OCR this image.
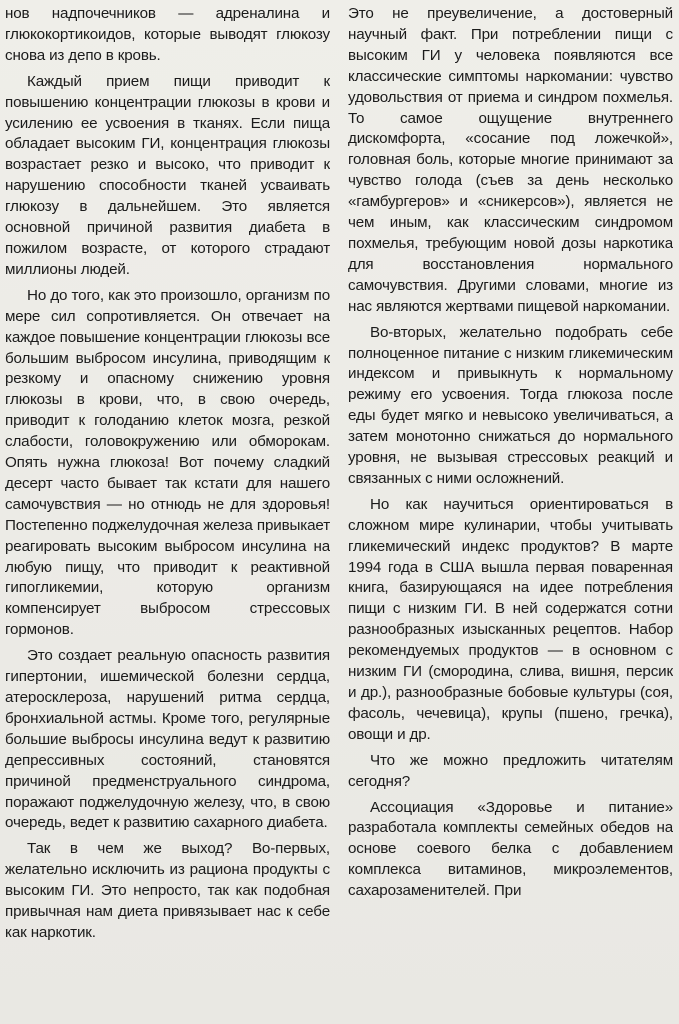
нов надпочечников — адреналина и глюкокортикоидов, которые выводят глюкозу снова из депо в кровь.

Каждый прием пищи приводит к повышению концентрации глюкозы в крови и усилению ее усвоения в тканях. Если пища обладает высоким ГИ, концентрация глюкозы возрастает резко и высоко, что приводит к нарушению способности тканей усваивать глюкозу в дальнейшем. Это является основной причиной развития диабета в пожилом возрасте, от которого страдают миллионы людей.

Но до того, как это произошло, организм по мере сил сопротивляется. Он отвечает на каждое повышение концентрации глюкозы все большим выбросом инсулина, приводящим к резкому и опасному снижению уровня глюкозы в крови, что, в свою очередь, приводит к голоданию клеток мозга, резкой слабости, головокружению или обморокам. Опять нужна глюкоза! Вот почему сладкий десерт часто бывает так кстати для нашего самочувствия — но отнюдь не для здоровья! Постепенно поджелудочная железа привыкает реагировать высоким выбросом инсулина на любую пищу, что приводит к реактивной гипогликемии, которую организм компенсирует выбросом стрессовых гормонов.

Это создает реальную опасность развития гипертонии, ишемической болезни сердца, атеросклероза, нарушений ритма сердца, бронхиальной астмы. Кроме того, регулярные большие выбросы инсулина ведут к развитию депрессивных состояний, становятся причиной предменструального синдрома, поражают поджелудочную железу, что, в свою очередь, ведет к развитию сахарного диабета.

Так в чем же выход? Во-первых, желательно исключить из рациона продукты с высоким ГИ. Это непросто, так как подобная привычная нам диета привязывает нас к себе как наркотик.

Это не преувеличение, а достоверный научный факт. При потреблении пищи с высоким ГИ у человека появляются все классические симптомы наркомании: чувство удовольствия от приема и синдром похмелья. То самое ощущение внутреннего дискомфорта, «сосание под ложечкой», головная боль, которые многие принимают за чувство голода (съев за день несколько «гамбургеров» и «сникерсов»), является не чем иным, как классическим синдромом похмелья, требующим новой дозы наркотика для восстановления нормального самочувствия. Другими словами, многие из нас являются жертвами пищевой наркомании.

Во-вторых, желательно подобрать себе полноценное питание с низким гликемическим индексом и привыкнуть к нормальному режиму его усвоения. Тогда глюкоза после еды будет мягко и невысоко увеличиваться, а затем монотонно снижаться до нормального уровня, не вызывая стрессовых реакций и связанных с ними осложнений.

Но как научиться ориентироваться в сложном мире кулинарии, чтобы учитывать гликемический индекс продуктов? В марте 1994 года в США вышла первая поваренная книга, базирующаяся на идее потребления пищи с низким ГИ. В ней содержатся сотни разнообразных изысканных рецептов. Набор рекомендуемых продуктов — в основном с низким ГИ (смородина, слива, вишня, персик и др.), разнообразные бобовые культуры (соя, фасоль, чечевица), крупы (пшено, гречка), овощи и др.

Что же можно предложить читателям сегодня?

Ассоциация «Здоровье и питание» разработала комплекты семейных обедов на основе соевого белка с добавлением комплекса витаминов, микроэлементов, сахарозаменителей. При
